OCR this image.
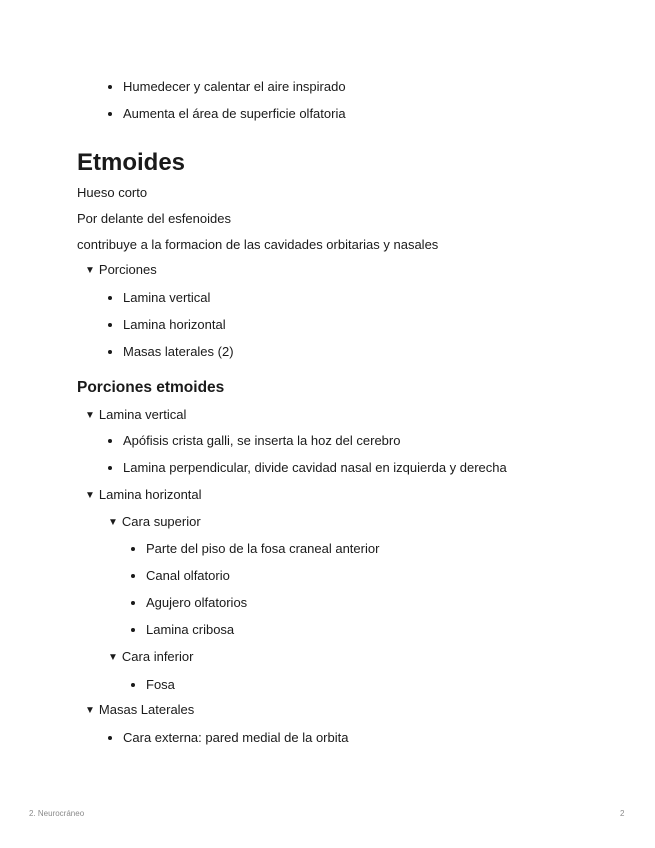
Humedecer y calentar el aire inspirado
Aumenta el área de superficie olfatoria
Etmoides
Hueso corto
Por delante del esfenoides
contribuye a la formacion de las cavidades orbitarias y nasales
▼ Porciones
Lamina vertical
Lamina horizontal
Masas laterales (2)
Porciones etmoides
▼ Lamina vertical
Apófisis crista galli, se inserta la hoz del cerebro
Lamina perpendicular, divide cavidad nasal en izquierda y derecha
▼ Lamina horizontal
▼ Cara superior
Parte del piso de la fosa craneal anterior
Canal olfatorio
Agujero olfatorios
Lamina cribosa
▼ Cara inferior
Fosa
▼ Masas Laterales
Cara externa: pared medial de la orbita
2. Neurocráneo	2
